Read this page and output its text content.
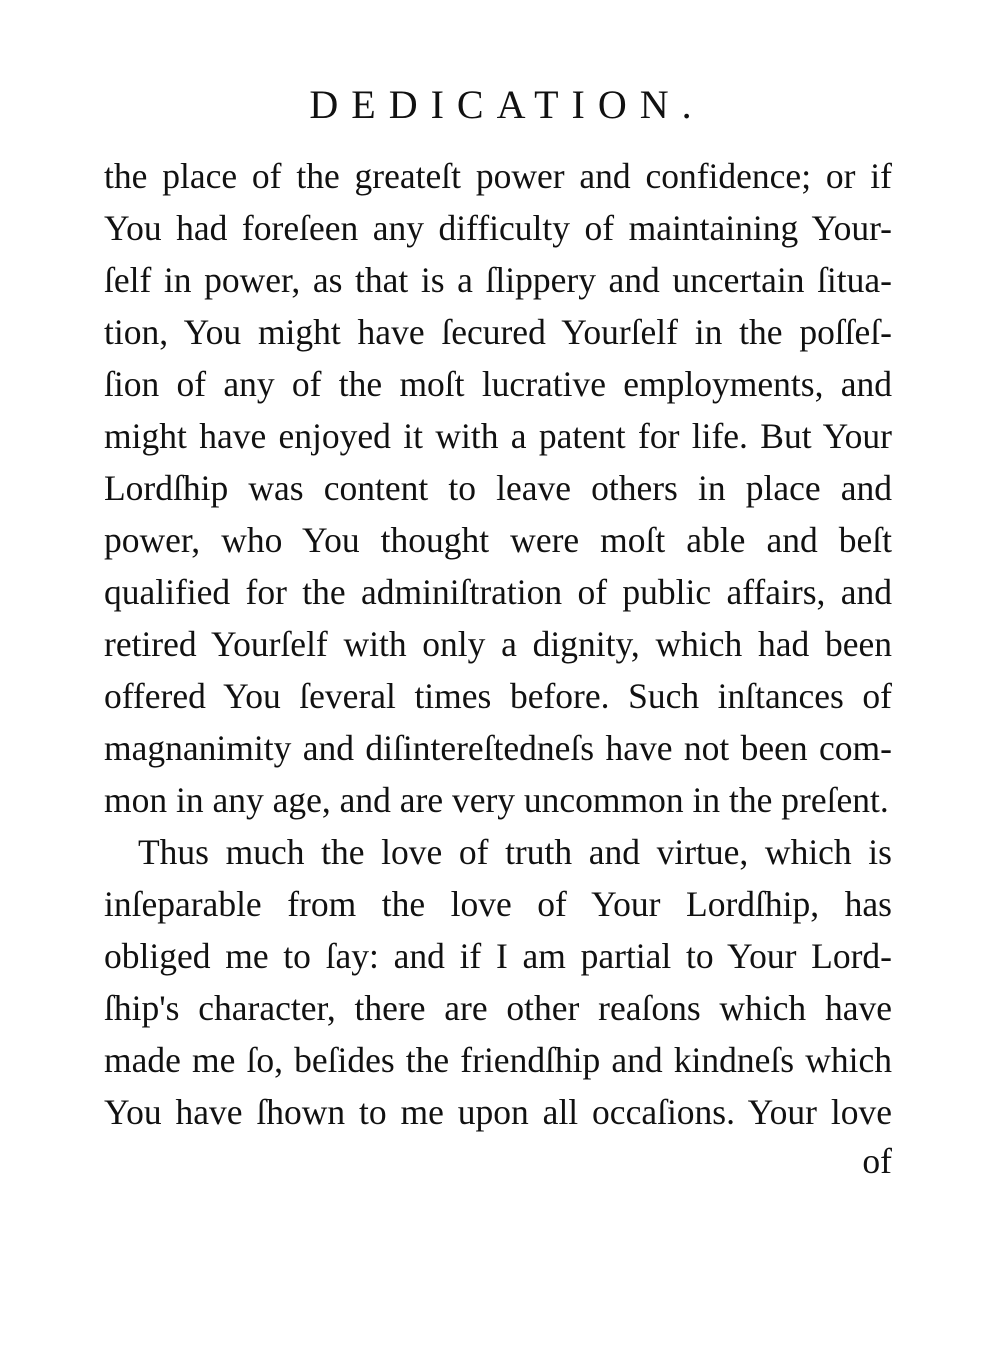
DEDICATION.
the place of the greateſt power and confidence; or if
You had foreſeen any difficulty of maintaining Your-
ſelf in power, as that is a ſlippery and uncertain ſitua-
tion, You might have ſecured Yourſelf in the poſſeſ-
ſion of any of the moſt lucrative employments, and
might have enjoyed it with a patent for life. But Your
Lordſhip was content to leave others in place and
power, who You thought were moſt able and beſt
qualified for the adminiſtration of public affairs, and
retired Yourſelf with only a dignity, which had been
offered You ſeveral times before. Such inſtances of
magnanimity and diſintereſtedneſs have not been com-
mon in any age, and are very uncommon in the preſent.
Thus much the love of truth and virtue, which is
inſeparable from the love of Your Lordſhip, has
obliged me to ſay: and if I am partial to Your Lord-
ſhip's character, there are other reaſons which have
made me ſo, beſides the friendſhip and kindneſs which
You have ſhown to me upon all occaſions. Your love
of
